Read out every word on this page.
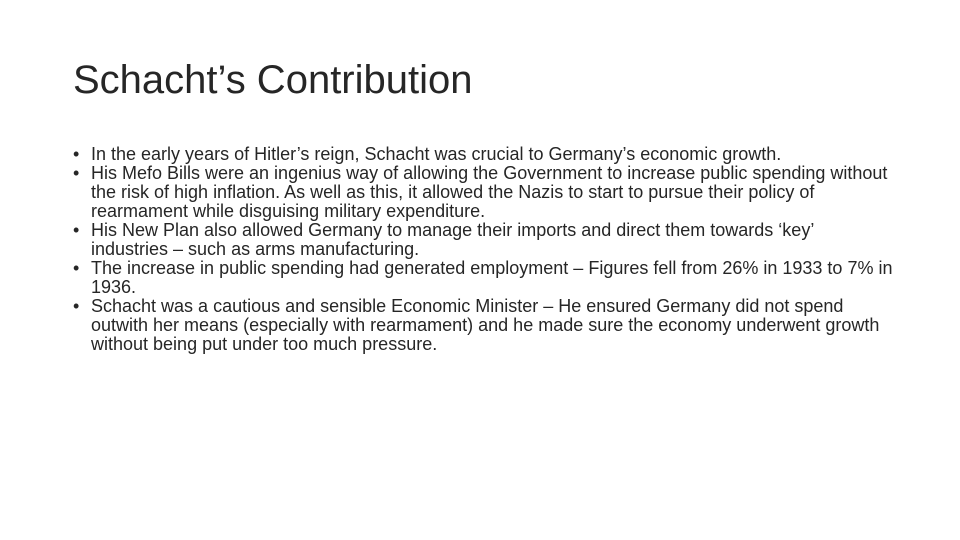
Schacht’s Contribution
• In the early years of Hitler’s reign, Schacht was crucial to Germany’s economic growth.
• His Mefo Bills were an ingenius way of allowing the Government to increase public spending without the risk of high inflation. As well as this, it allowed the Nazis to start to pursue their policy of rearmament while disguising military expenditure.
• His New Plan also allowed Germany to manage their imports and direct them towards ‘key’ industries – such as arms manufacturing.
• The increase in public spending had generated employment – Figures fell from 26% in 1933 to 7% in 1936.
• Schacht was a cautious and sensible Economic Minister – He ensured Germany did not spend outwith her means (especially with rearmament) and he made sure the economy underwent growth without being put under too much pressure.
